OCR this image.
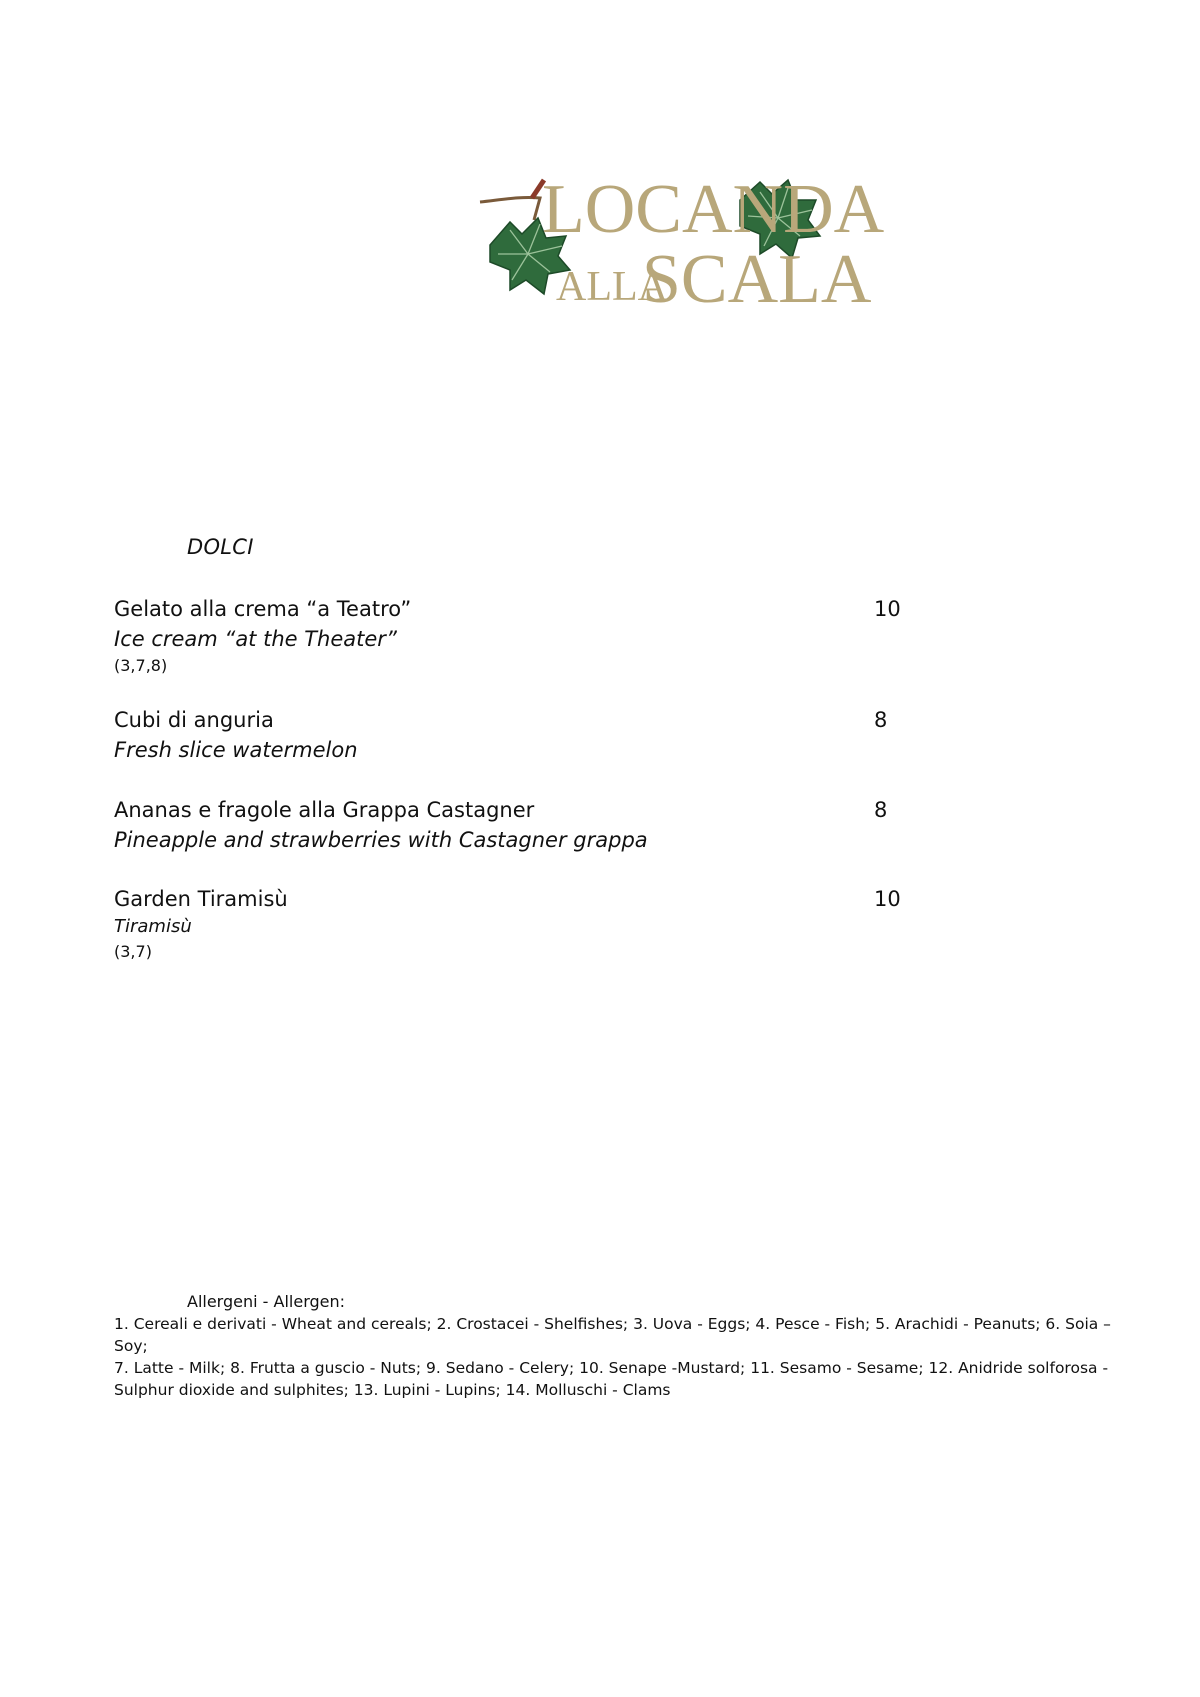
LOCANDA
ALLA
SCALA
DOLCI
Gelato alla crema “a Teatro”	10
Ice cream “at the Theater”
(3,7,8)
Cubi di anguria	8
Fresh slice watermelon
Ananas e fragole alla Grappa Castagner	8
Pineapple and strawberries with Castagner grappa
Garden Tiramisù	10
Tiramisù
(3,7)
Allergeni - Allergen:
1. Cereali e derivati - Wheat and cereals; 2. Crostacei - Shelfishes; 3. Uova - Eggs; 4. Pesce - Fish; 5. Arachidi - Peanuts; 6. Soia – Soy;
7. Latte - Milk; 8. Frutta a guscio - Nuts; 9. Sedano - Celery; 10. Senape -Mustard; 11. Sesamo - Sesame; 12. Anidride solforosa -
Sulphur dioxide and sulphites; 13. Lupini - Lupins; 14. Molluschi - Clams
